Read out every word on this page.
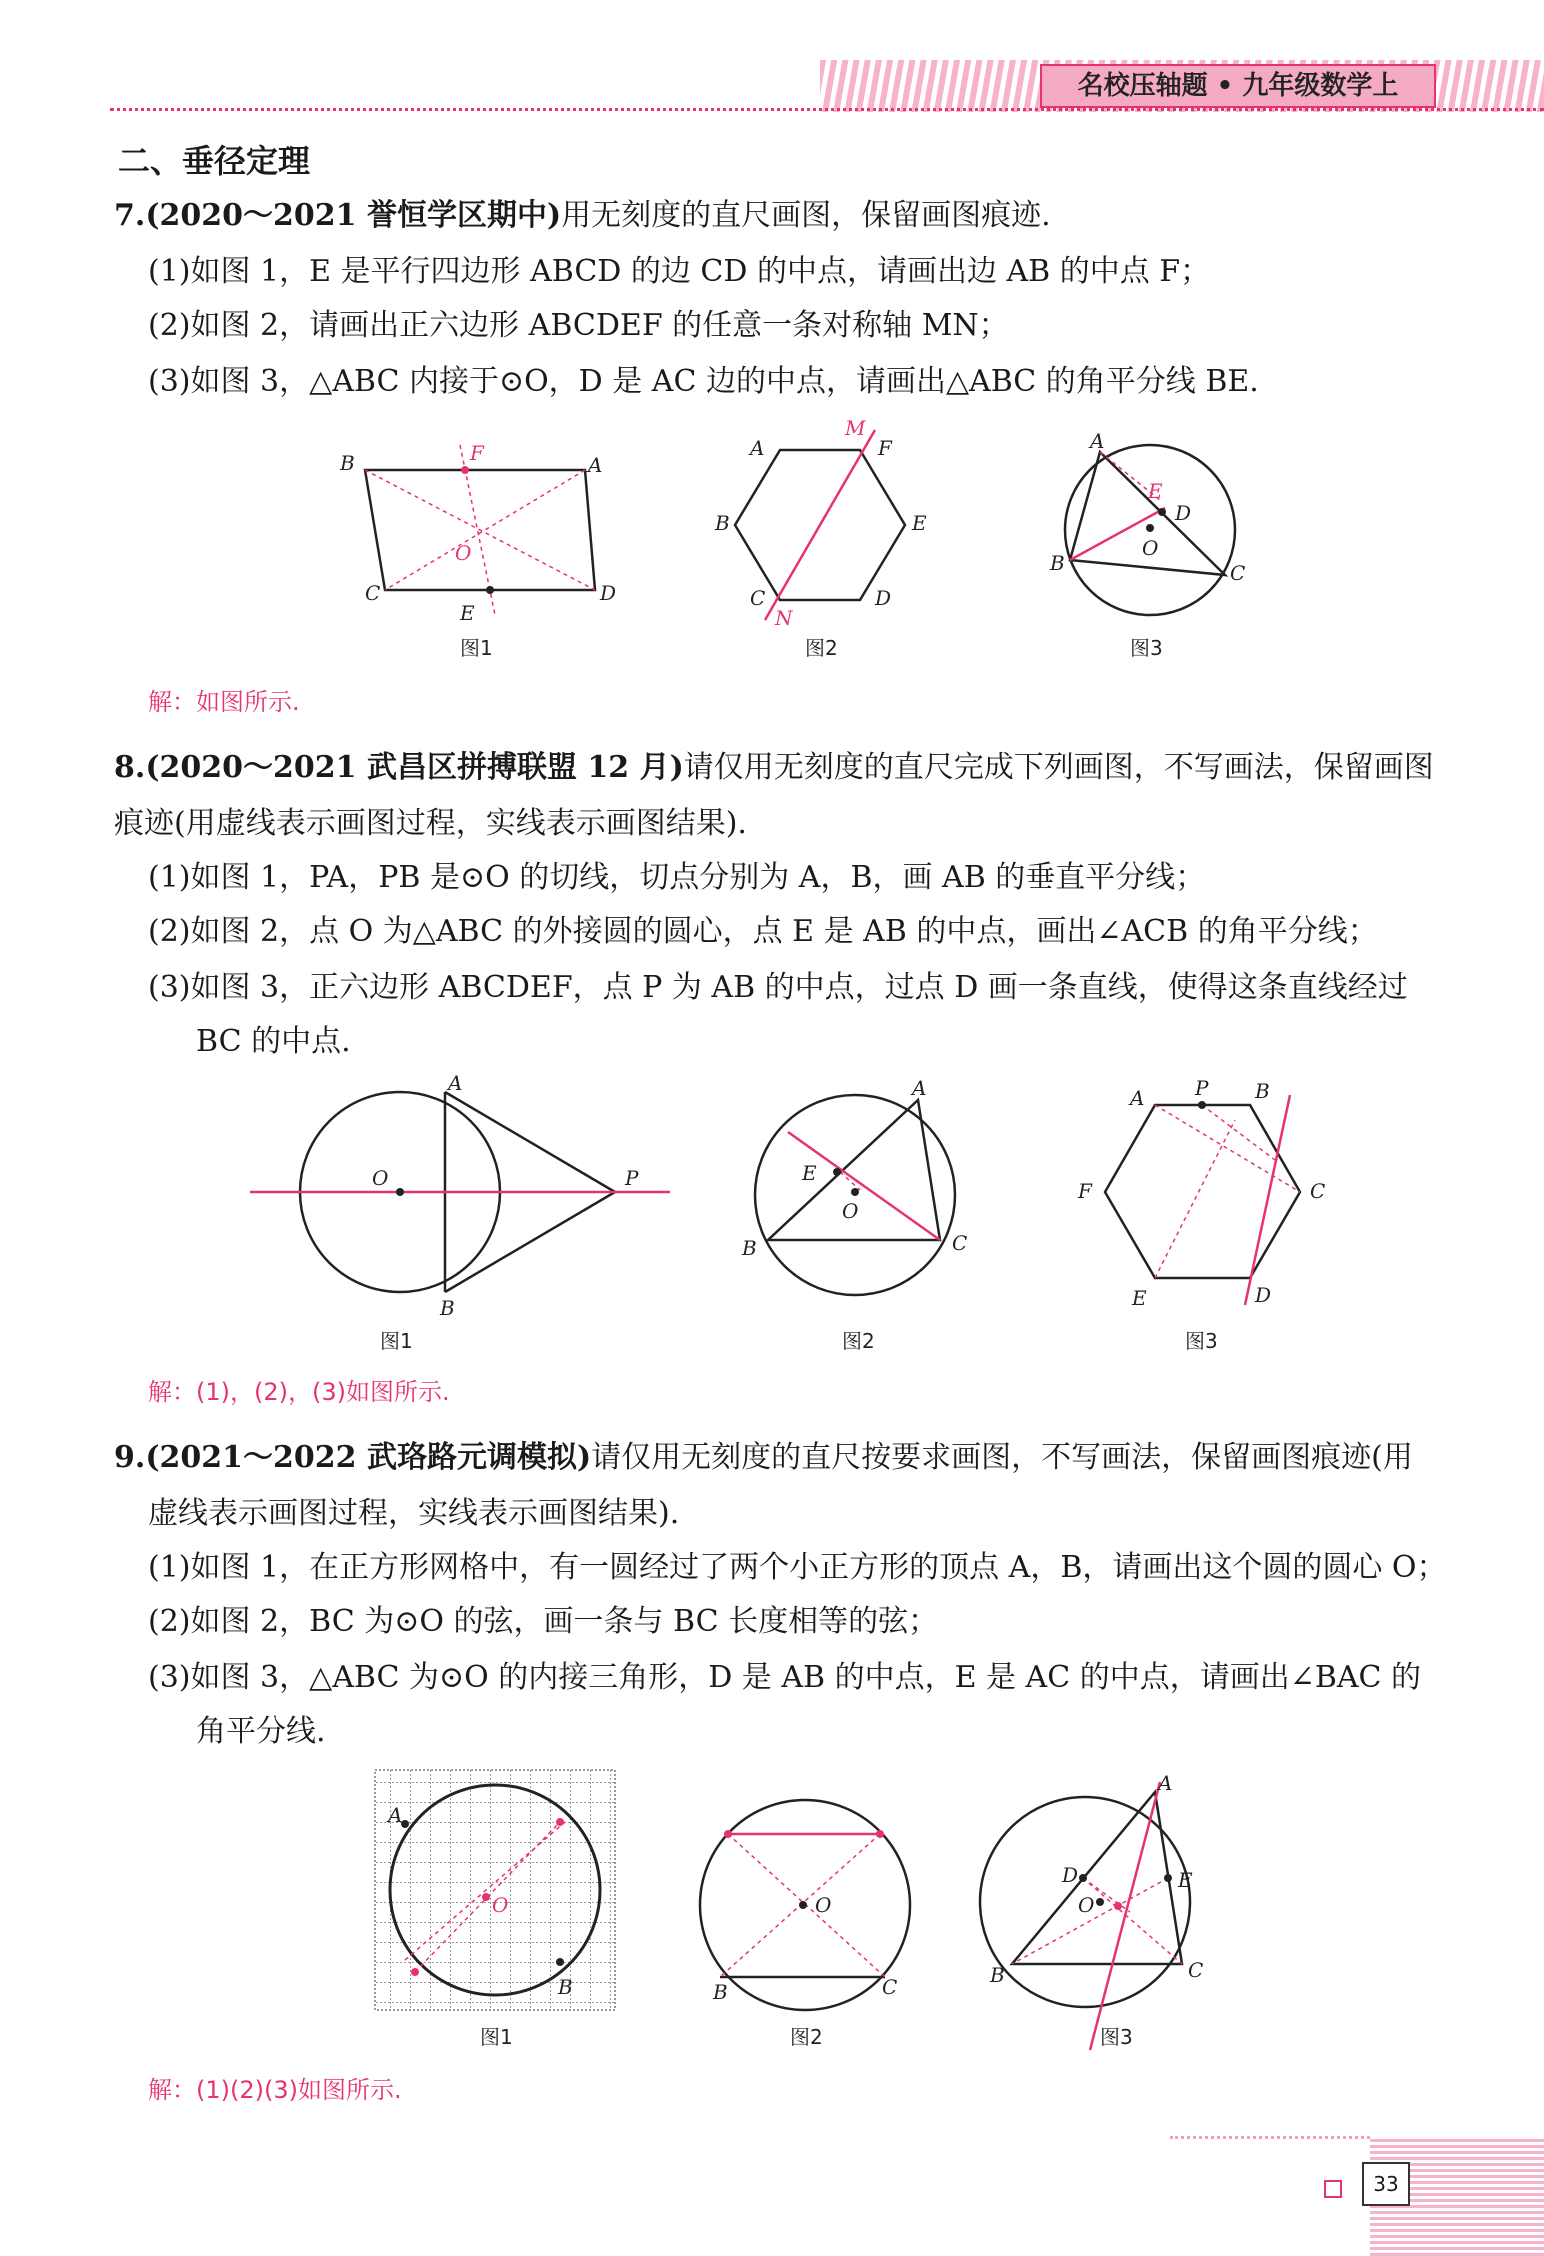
名校压轴题 • 九年级数学上
二、垂径定理
7.(2020～2021 誉恒学区期中)用无刻度的直尺画图，保留画图痕迹.
(1)如图 1，E 是平行四边形 ABCD 的边 CD 的中点，请画出边 AB 的中点 F；
(2)如图 2，请画出正六边形 ABCDEF 的任意一条对称轴 MN；
(3)如图 3，△ABC 内接于⊙O，D 是 AC 边的中点，请画出△ABC 的角平分线 BE.
B	A
C	D
F
E
O
A	F
B	E
C	D
M
N
A
B	C
D
E
O
图1	图2	图3
解：如图所示.
8.(2020～2021 武昌区拼搏联盟 12 月)请仅用无刻度的直尺完成下列画图，不写画法，保留画图
痕迹(用虚线表示画图过程，实线表示画图结果).
(1)如图 1，PA，PB 是⊙O 的切线，切点分别为 A，B，画 AB 的垂直平分线；
(2)如图 2，点 O 为△ABC 的外接圆的圆心，点 E 是 AB 的中点，画出∠ACB 的角平分线；
(3)如图 3，正六边形 ABCDEF，点 P 为 AB 的中点，过点 D 画一条直线，使得这条直线经过
BC 的中点.
A
B
P
O
A
B	C
E
O
A	P B
C
F
E	D
图1	图2	图3
解：(1)，(2)，(3)如图所示.
9.(2021～2022 武珞路元调模拟)请仅用无刻度的直尺按要求画图，不写画法，保留画图痕迹(用
虚线表示画图过程，实线表示画图结果).
(1)如图 1，在正方形网格中，有一圆经过了两个小正方形的顶点 A，B，请画出这个圆的圆心 O；
(2)如图 2，BC 为⊙O 的弦，画一条与 BC 长度相等的弦；
(3)如图 3，△ABC 为⊙O 的内接三角形，D 是 AB 的中点，E 是 AC 的中点，请画出∠BAC 的
角平分线.
A
B
O	O
B	C
A
B	C
D	E
O
图1	图2	图3
解：(1)(2)(3)如图所示.
33
